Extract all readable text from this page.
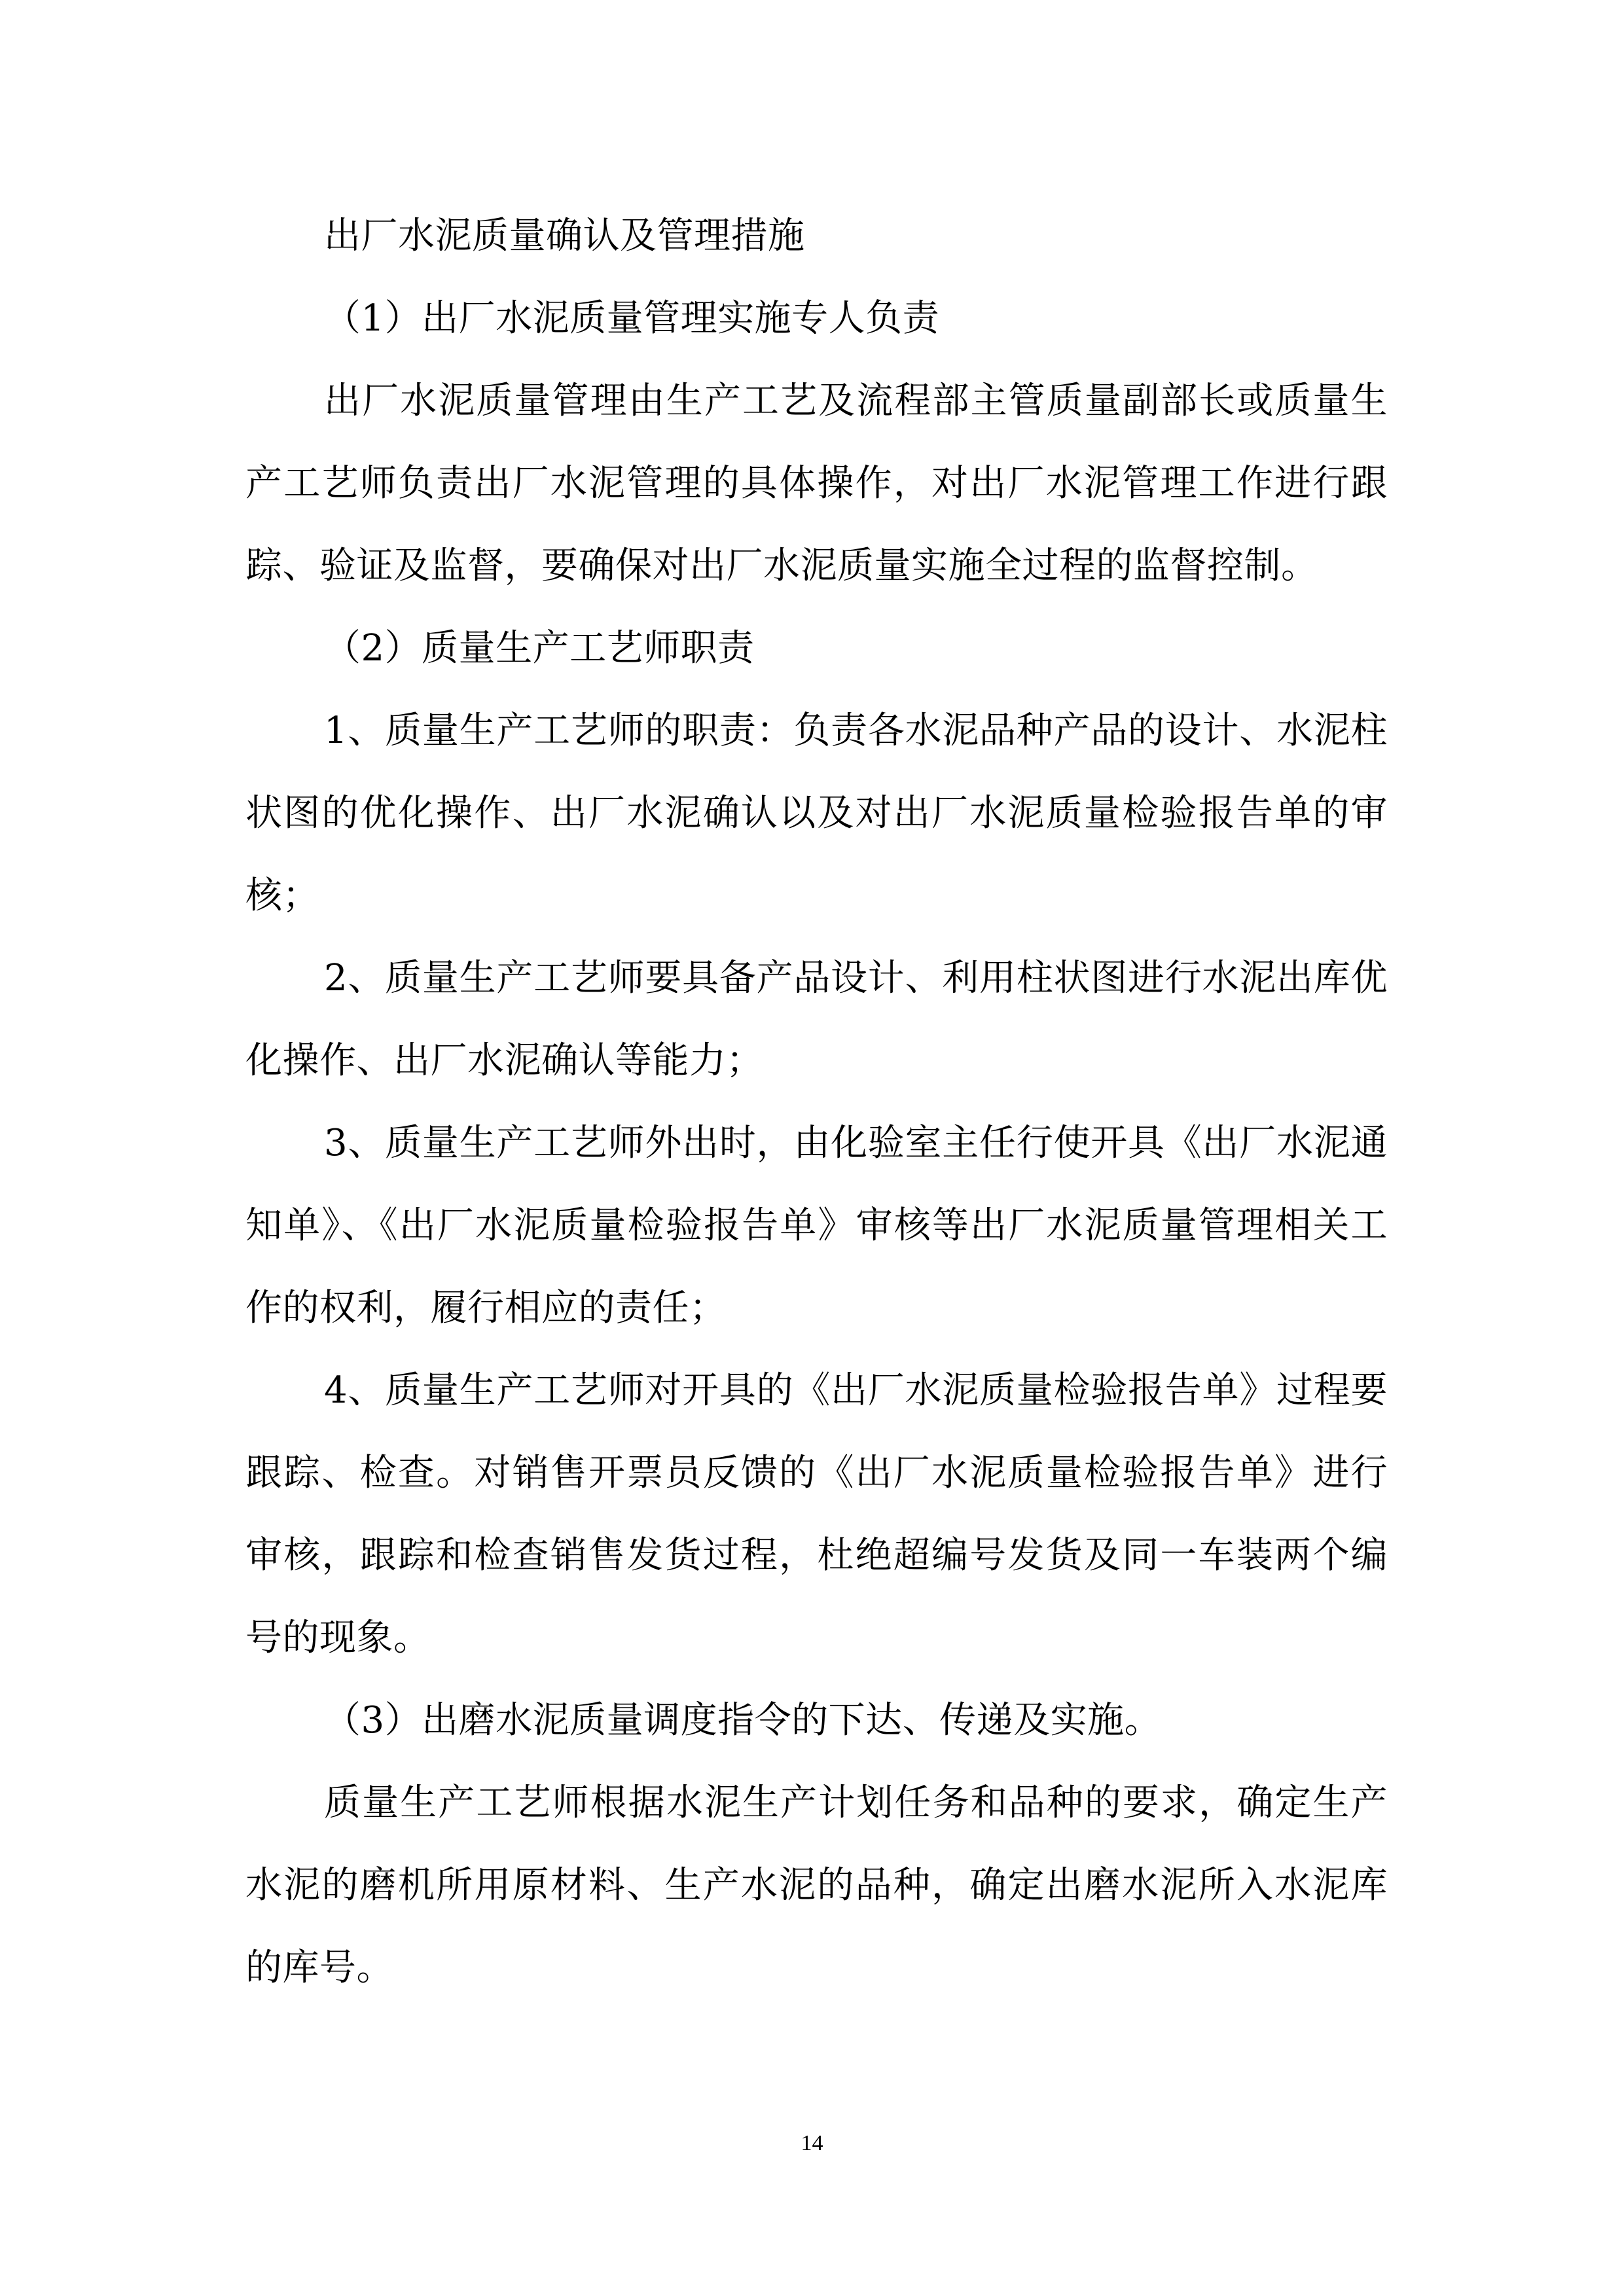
出厂水泥质量确认及管理措施

（1）出厂水泥质量管理实施专人负责

出厂水泥质量管理由生产工艺及流程部主管质量副部长或质量生产工艺师负责出厂水泥管理的具体操作，对出厂水泥管理工作进行跟踪、验证及监督，要确保对出厂水泥质量实施全过程的监督控制。

（2）质量生产工艺师职责

1、质量生产工艺师的职责：负责各水泥品种产品的设计、水泥柱状图的优化操作、出厂水泥确认以及对出厂水泥质量检验报告单的审核；

2、质量生产工艺师要具备产品设计、利用柱状图进行水泥出库优化操作、出厂水泥确认等能力；

3、质量生产工艺师外出时，由化验室主任行使开具《出厂水泥通知单》、《出厂水泥质量检验报告单》审核等出厂水泥质量管理相关工作的权利，履行相应的责任；

4、质量生产工艺师对开具的《出厂水泥质量检验报告单》过程要跟踪、检查。对销售开票员反馈的《出厂水泥质量检验报告单》进行审核，跟踪和检查销售发货过程，杜绝超编号发货及同一车装两个编号的现象。

（3）出磨水泥质量调度指令的下达、传递及实施。

质量生产工艺师根据水泥生产计划任务和品种的要求，确定生产水泥的磨机所用原材料、生产水泥的品种，确定出磨水泥所入水泥库的库号。

14
